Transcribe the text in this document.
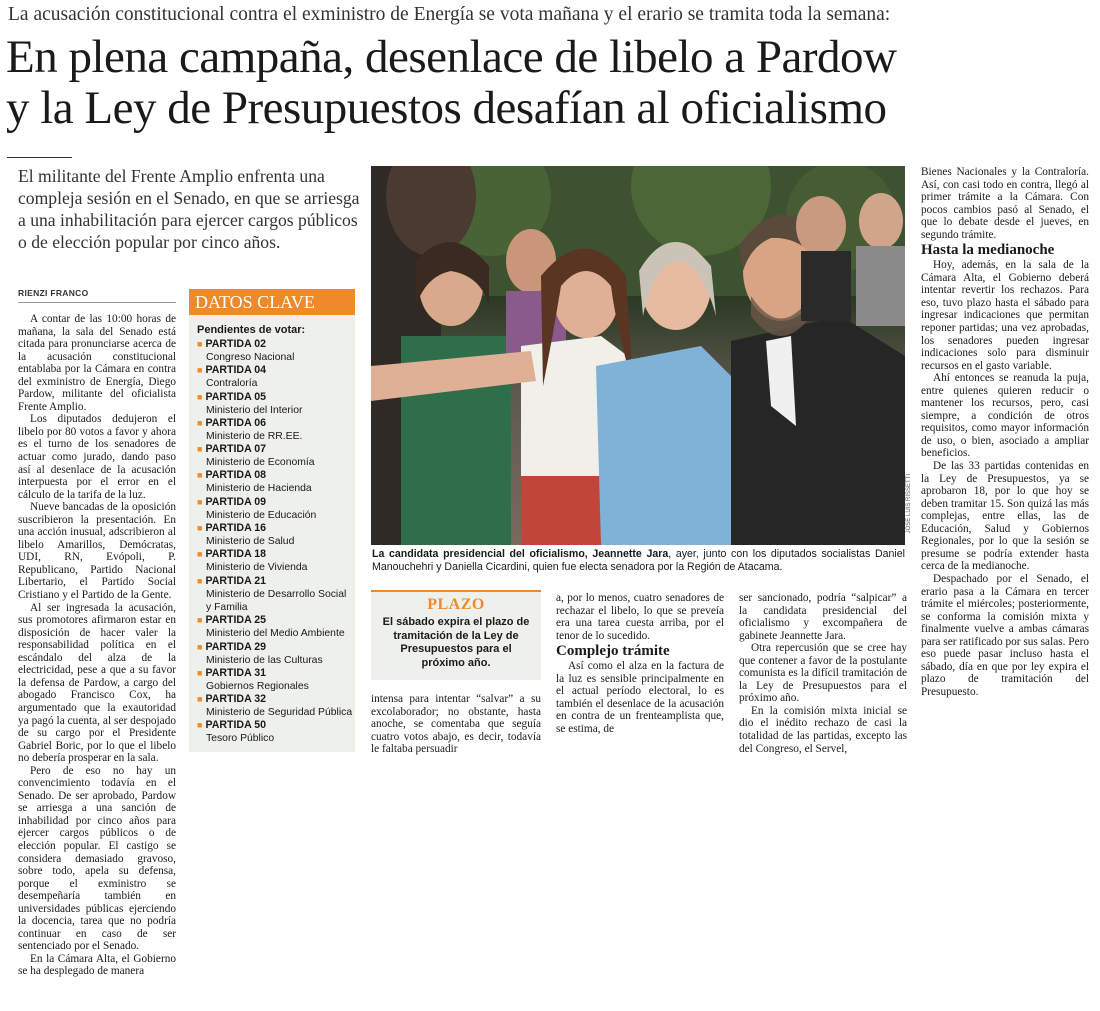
La acusación constitucional contra el exministro de Energía se vota mañana y el erario se tramita toda la semana:
En plena campaña, desenlace de libelo a Pardow
y la Ley de Presupuestos desafían al oficialismo
El militante del Frente Amplio enfrenta una compleja sesión en el Senado, en que se arriesga a una inhabilitación para ejercer cargos públicos o de elección popular por cinco años.
RIENZI FRANCO

A contar de las 10:00 horas de mañana, la sala del Senado está citada para pronunciarse acerca de la acusación constitucional entablaba por la Cámara en contra del exministro de Energía, Diego Pardow, militante del oficialista Frente Amplio.

Los diputados dedujeron el libelo por 80 votos a favor y ahora es el turno de los senadores de actuar como jurado, dando paso así al desenlace de la acusación interpuesta por el error en el cálculo de la tarifa de la luz.

Nueve bancadas de la oposición suscribieron la presentación. En una acción inusual, adscribieron al libelo Amarillos, Demócratas, UDI, RN, Evópoli, P. Republicano, Partido Nacional Libertario, el Partido Social Cristiano y el Partido de la Gente.

Al ser ingresada la acusación, sus promotores afirmaron estar en disposición de hacer valer la responsabilidad política en el escándalo del alza de la electricidad, pese a que a su favor la defensa de Pardow, a cargo del abogado Francisco Cox, ha argumentado que la exautoridad ya pagó la cuenta, al ser despojado de su cargo por el Presidente Gabriel Boric, por lo que el libelo no debería prosperar en la sala.

Pero de eso no hay un convencimiento todavía en el Senado. De ser aprobado, Pardow se arriesga a una sanción de inhabilidad por cinco años para ejercer cargos públicos o de elección popular. El castigo se considera demasiado gravoso, sobre todo, apela su defensa, porque el exministro se desempeñaría también en universidades públicas ejerciendo la docencia, tarea que no podría continuar en caso de ser sentenciado por el Senado.

En la Cámara Alta, el Gobierno se ha desplegado de manera

DATOS CLAVE
Pendientes de votar:
■ PARTIDA 02
Congreso Nacional
■ PARTIDA 04
Contraloría
■ PARTIDA 05
Ministerio del Interior
■ PARTIDA 06
Ministerio de RR.EE.
■ PARTIDA 07
Ministerio de Economía
■ PARTIDA 08
Ministerio de Hacienda
■ PARTIDA 09
Ministerio de Educación
■ PARTIDA 16
Ministerio de Salud
■ PARTIDA 18
Ministerio de Vivienda
■ PARTIDA 21
Ministerio de Desarrollo Social y Familia
■ PARTIDA 25
Ministerio del Medio Ambiente
■ PARTIDA 29
Ministerio de las Culturas
■ PARTIDA 31
Gobiernos Regionales
■ PARTIDA 32
Ministerio de Seguridad Pública
■ PARTIDA 50
Tesoro Público
JOSÉ LUIS RISSETTI
La candidata presidencial del oficialismo, Jeannette Jara, ayer, junto con los diputados socialistas Daniel Manouchehri y Daniella Cicardini, quien fue electa senadora por la Región de Atacama.
PLAZO
El sábado expira el plazo de tramitación de la Ley de Presupuestos para el próximo año.

intensa para intentar “salvar” a su excolaborador; no obstante, hasta anoche, se comentaba que seguía cuatro votos abajo, es decir, todavía le faltaba persuadir

a, por lo menos, cuatro senadores de rechazar el libelo, lo que se preveía era una tarea cuesta arriba, por el tenor de lo sucedido.

Complejo trámite

Así como el alza en la factura de la luz es sensible principalmente en el actual período electoral, lo es también el desenlace de la acusación en contra de un frenteamplista que, se estima, de

ser sancionado, podría “salpicar” a la candidata presidencial del oficialismo y excompañera de gabinete Jeannette Jara.

Otra repercusión que se cree hay que contener a favor de la postulante comunista es la difícil tramitación de la Ley de Presupuestos para el próximo año.

En la comisión mixta inicial se dio el inédito rechazo de casi la totalidad de las partidas, excepto las del Congreso, el Servel,

Bienes Nacionales y la Contraloría. Así, con casi todo en contra, llegó al primer trámite a la Cámara. Con pocos cambios pasó al Senado, el que lo debate desde el jueves, en segundo trámite.

Hasta la medianoche

Hoy, además, en la sala de la Cámara Alta, el Gobierno deberá intentar revertir los rechazos. Para eso, tuvo plazo hasta el sábado para ingresar indicaciones que permitan reponer partidas; una vez aprobadas, los senadores pueden ingresar indicaciones solo para disminuir recursos en el gasto variable.

Ahí entonces se reanuda la puja, entre quienes quieren reducir o mantener los recursos, pero, casi siempre, a condición de otros requisitos, como mayor información de uso, o bien, asociado a ampliar beneficios.

De las 33 partidas contenidas en la Ley de Presupuestos, ya se aprobaron 18, por lo que hoy se deben tramitar 15. Son quizá las más complejas, entre ellas, las de Educación, Salud y Gobiernos Regionales, por lo que la sesión se presume se podría extender hasta cerca de la medianoche.

Despachado por el Senado, el erario pasa a la Cámara en tercer trámite el miércoles; posteriormente, se conforma la comisión mixta y finalmente vuelve a ambas cámaras para ser ratificado por sus salas. Pero eso puede pasar incluso hasta el sábado, día en que por ley expira el plazo de tramitación del Presupuesto.
